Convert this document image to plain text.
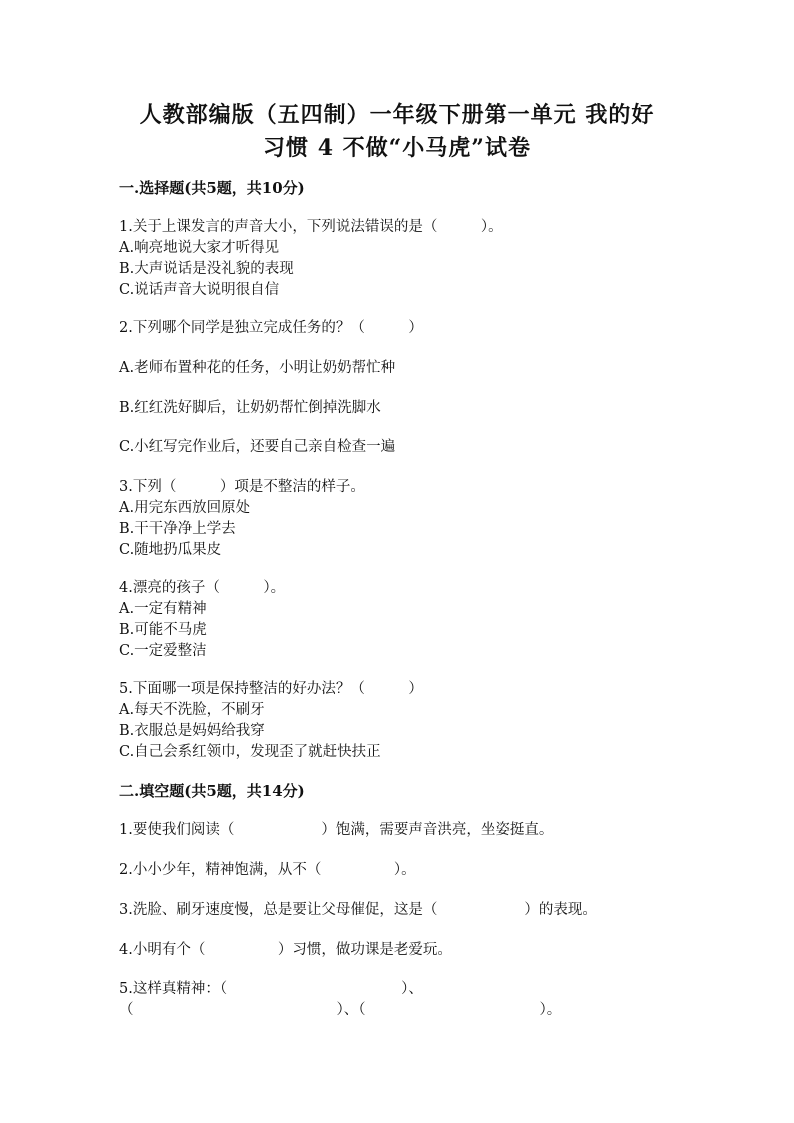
人教部编版（五四制）一年级下册第一单元 我的好
习惯 4 不做“小马虎”试卷
一.选择题(共5题，共10分)
1.关于上课发言的声音大小，下列说法错误的是（　　　）。
A.响亮地说大家才听得见
B.大声说话是没礼貌的表现
C.说话声音大说明很自信
2.下列哪个同学是独立完成任务的？（　　　）
A.老师布置种花的任务，小明让奶奶帮忙种
B.红红洗好脚后，让奶奶帮忙倒掉洗脚水
C.小红写完作业后，还要自己亲自检查一遍
3.下列（　　　）项是不整洁的样子。
A.用完东西放回原处
B.干干净净上学去
C.随地扔瓜果皮
4.漂亮的孩子（　　　）。
A.一定有精神
B.可能不马虎
C.一定爱整洁
5.下面哪一项是保持整洁的好办法？（　　　）
A.每天不洗脸，不刷牙
B.衣服总是妈妈给我穿
C.自己会系红领巾，发现歪了就赶快扶正
二.填空题(共5题，共14分)
1.要使我们阅读（　　　　　　）饱满，需要声音洪亮，坐姿挺直。
2.小小少年，精神饱满，从不（　　　　　）。
3.洗脸、刷牙速度慢，总是要让父母催促，这是（　　　　　　）的表现。
4.小明有个（　　　　　）习惯，做功课是老爱玩。
5.这样真精神：（　　　　　　　　　　　　）、
（　　　　　　　　　　　　　　）、（　　　　　　　　　　　　）。
